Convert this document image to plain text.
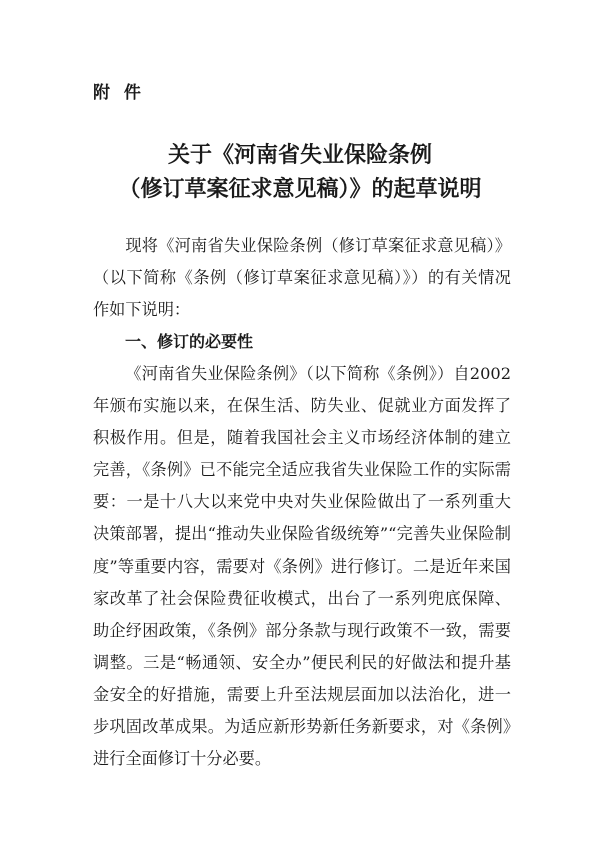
附 件

关于《河南省失业保险条例
（修订草案征求意见稿）》的起草说明

现将《河南省失业保险条例（修订草案征求意见稿）》（以下简称《条例（修订草案征求意见稿）》）的有关情况作如下说明：

一、修订的必要性

《河南省失业保险条例》（以下简称《条例》）自2002年颁布实施以来，在保生活、防失业、促就业方面发挥了积极作用。但是，随着我国社会主义市场经济体制的建立完善，《条例》已不能完全适应我省失业保险工作的实际需要：一是十八大以来党中央对失业保险做出了一系列重大决策部署，提出“推动失业保险省级统筹”“完善失业保险制度”等重要内容，需要对《条例》进行修订。二是近年来国家改革了社会保险费征收模式，出台了一系列兜底保障、助企纾困政策，《条例》部分条款与现行政策不一致，需要调整。三是“畅通领、安全办”便民利民的好做法和提升基金安全的好措施，需要上升至法规层面加以法治化，进一步巩固改革成果。为适应新形势新任务新要求，对《条例》进行全面修订十分必要。
